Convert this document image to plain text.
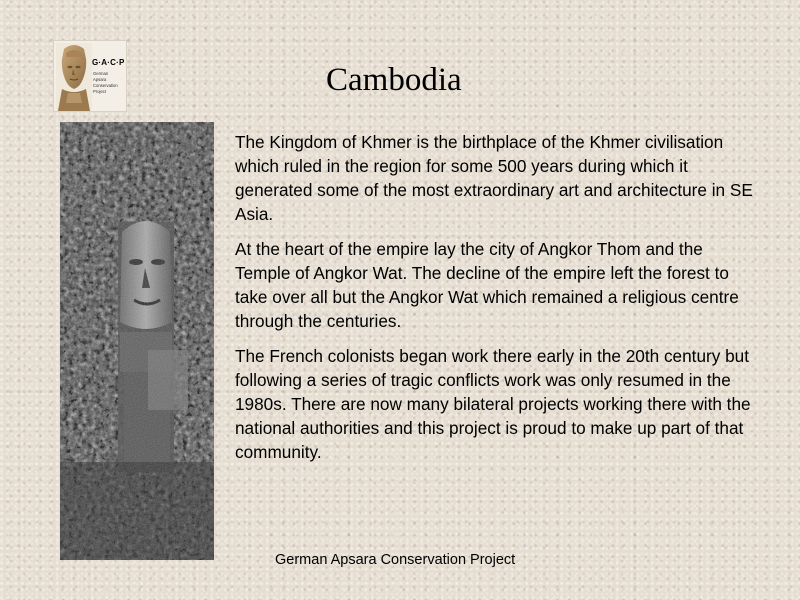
G·A·C·P
German
Apsara
Conservation
Project	Cambodia

The Kingdom of Khmer is the birthplace of the Khmer civilisation which ruled in the region for some 500 years during which it generated some of the most extraordinary art and architecture in SE Asia.

At the heart of the empire lay the city of Angkor Thom and the Temple of Angkor Wat. The decline of the empire left the forest to take over all but the Angkor Wat which remained a religious centre through the centuries.

The French colonists began work there early in the 20th century but following a series of tragic conflicts work was only resumed in the 1980s. There are now many bilateral projects working there with the national authorities and this project is proud to make up part of that community.

German Apsara Conservation Project
